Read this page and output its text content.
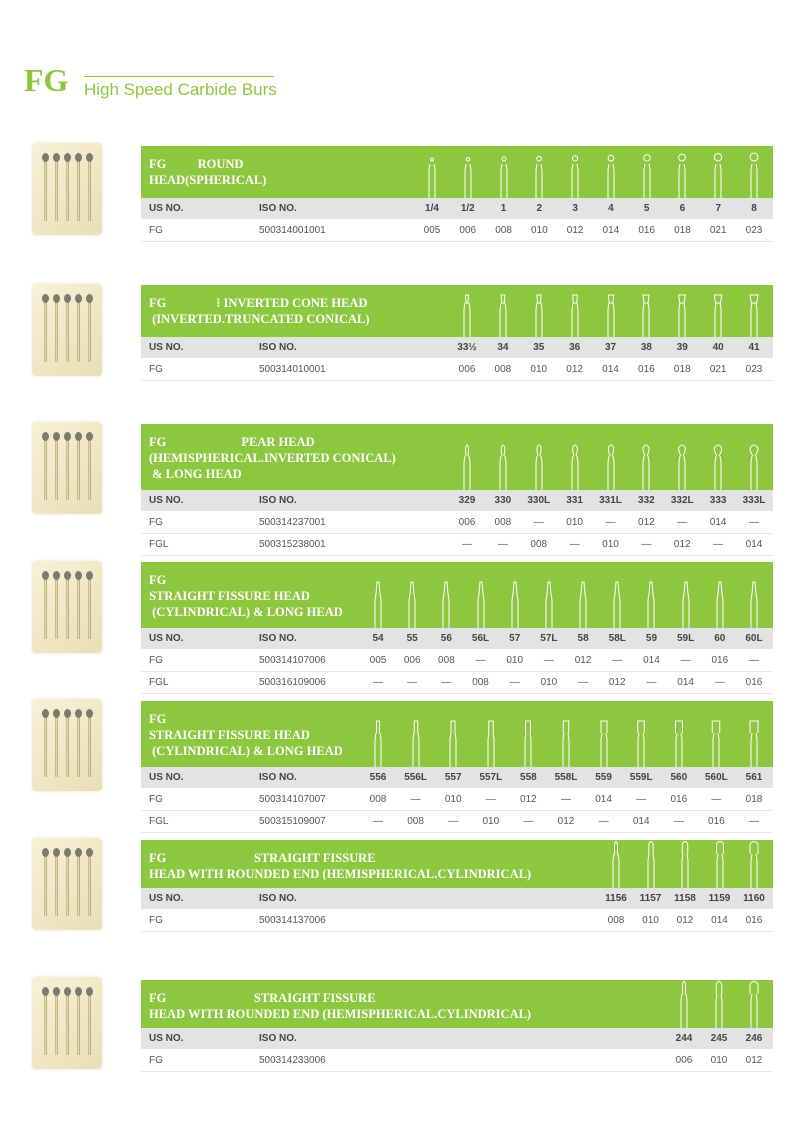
FG High Speed Carbide Burs
FG          ROUND
HEAD(SPHERICAL)
US NO.	ISO NO.	1/4	1/2	1	2	3	4	5	6	7	8
FG	500314001001	005	006	008	010	012	014	016	018	021	023
FG                ⁝ INVERTED CONE HEAD
(INVERTED.TRUNCATED CONICAL)
US NO.	ISO NO.	33½	34	35	36	37	38	39	40	41
FG	500314010001	006	008	010	012	014	016	018	021	023
FG                        PEAR HEAD
(HEMISPHERICAL.INVERTED CONICAL)
& LONG HEAD
US NO.	ISO NO.	329	330	330L	331	331L	332	332L	333	333L
FG	500314237001	006	008	—	010	—	012	—	014	—
FGL	500315238001	—	—	008	—	010	—	012	—	014
FG
STRAIGHT FISSURE HEAD
(CYLINDRICAL) & LONG HEAD
US NO.	ISO NO.	54	55	56	56L	57	57L	58	58L	59	59L	60	60L
FG	500314107006	005	006	008	—	010	—	012	—	014	—	016	—
FGL	500316109006	—	—	—	008	—	010	—	012	—	014	—	016
FG
STRAIGHT FISSURE HEAD
(CYLINDRICAL) & LONG HEAD
US NO.	ISO NO.	556	556L	557	557L	558	558L	559	559L	560	560L	561
FG	500314107007	008	—	010	—	012	—	014	—	016	—	018
FGL	500315109007	—	008	—	010	—	012	—	014	—	016	—
FG                            STRAIGHT FISSURE
HEAD WITH ROUNDED END (HEMISPHERICAL.CYLINDRICAL)
US NO.	ISO NO.	1156	1157	1158	1159	1160
FG	500314137006	008	010	012	014	016
FG                            STRAIGHT FISSURE
HEAD WITH ROUNDED END (HEMISPHERICAL.CYLINDRICAL)
US NO.	ISO NO.	244	245	246
FG	500314233006	006	010	012
